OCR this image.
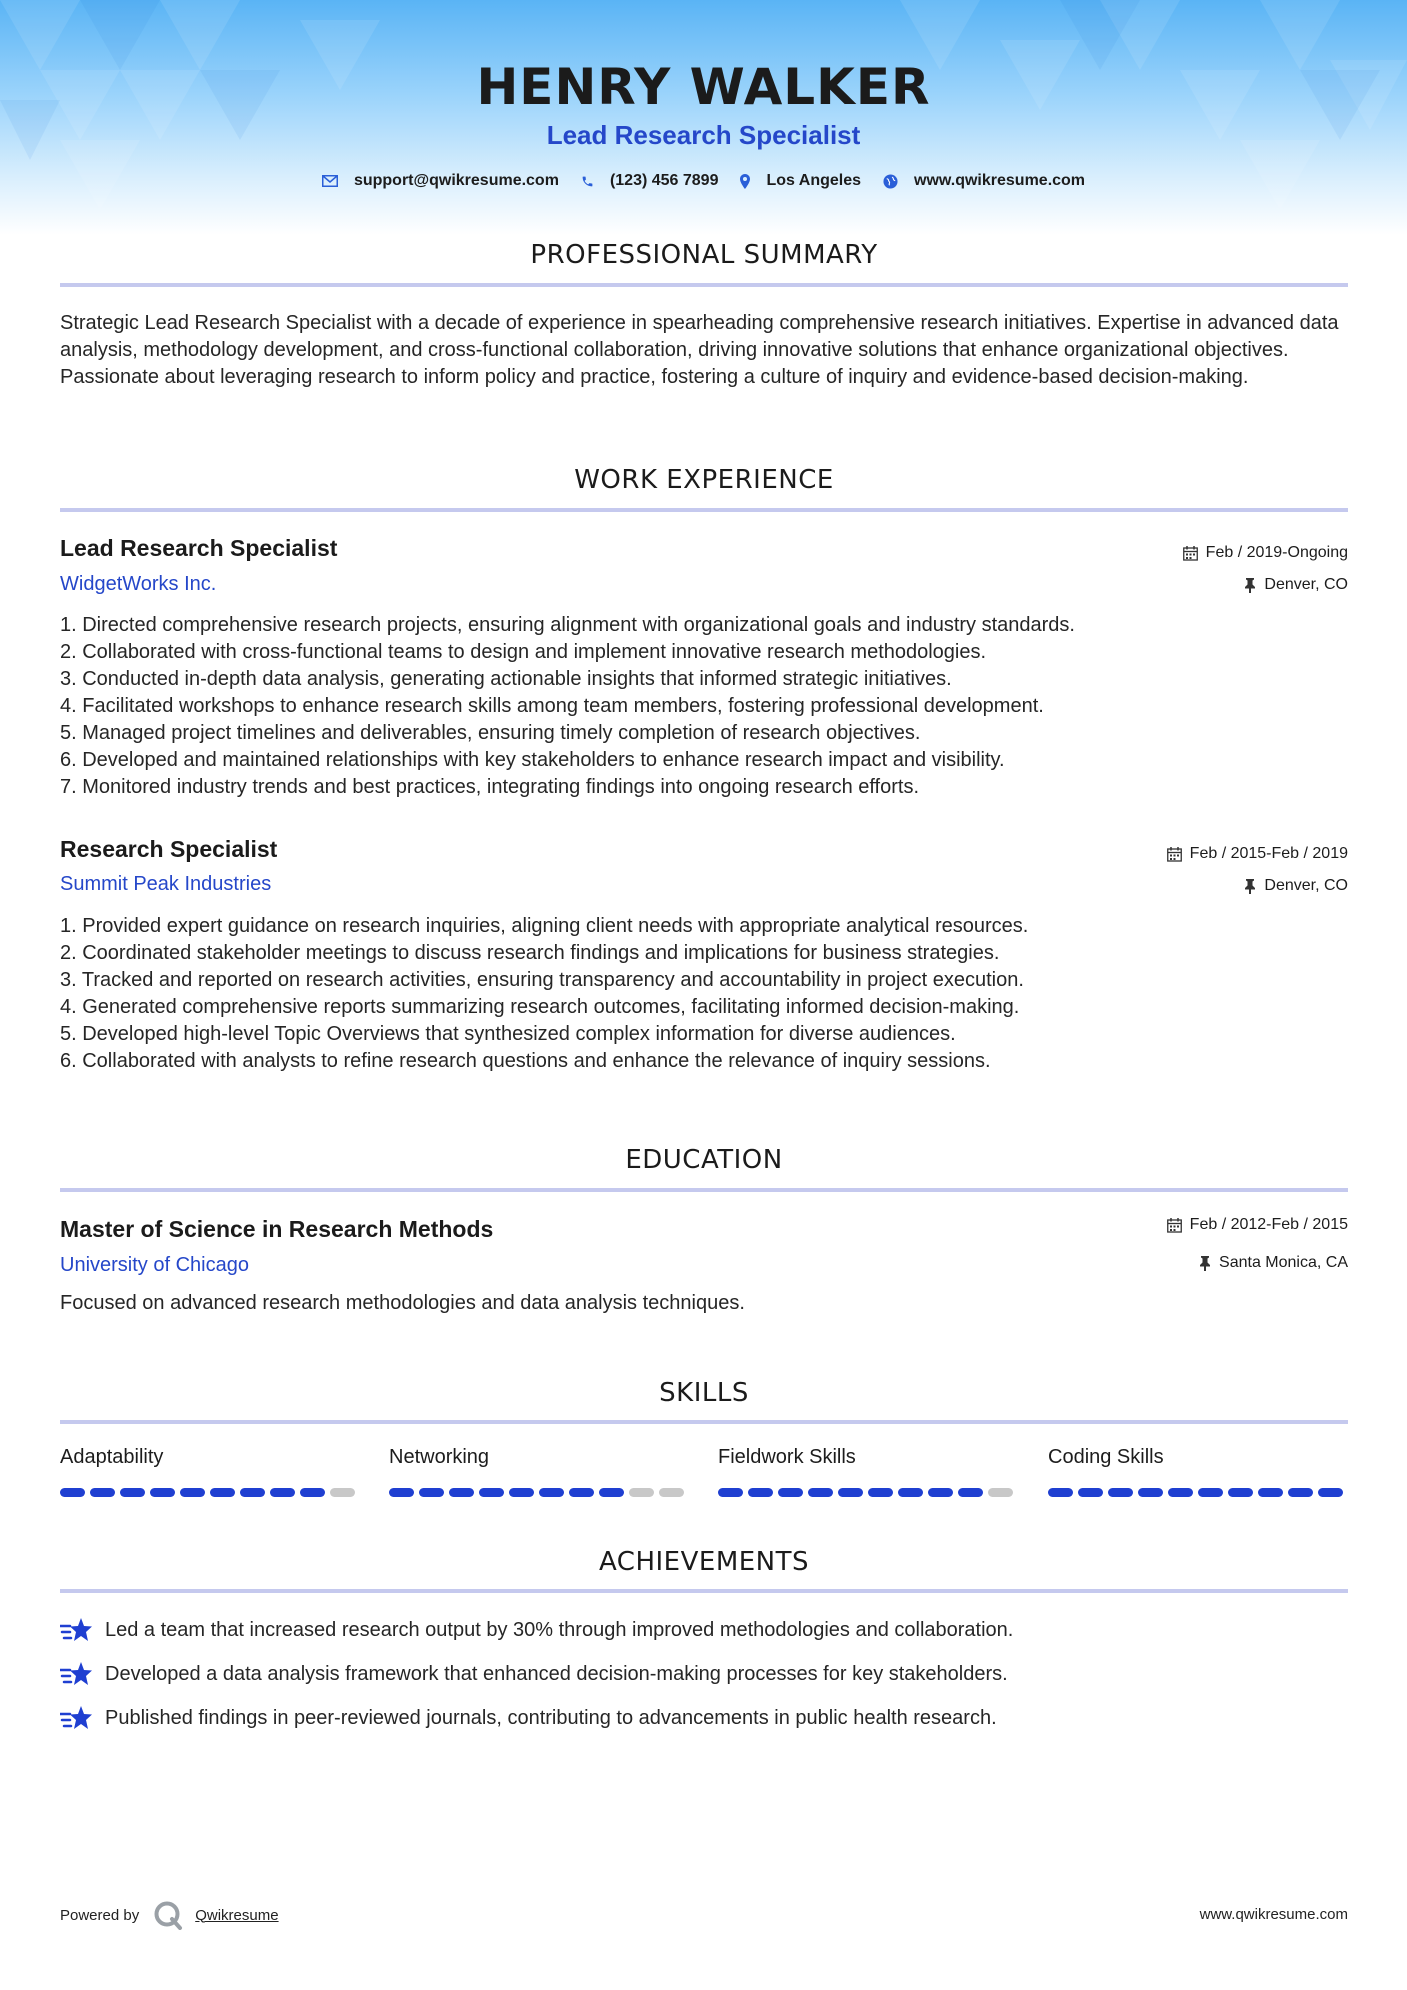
HENRY WALKER
Lead Research Specialist
support@qwikresume.com	(123) 456 7899	Los Angeles	www.qwikresume.com
PROFESSIONAL SUMMARY
Strategic Lead Research Specialist with a decade of experience in spearheading comprehensive research initiatives. Expertise in advanced data analysis, methodology development, and cross-functional collaboration, driving innovative solutions that enhance organizational objectives. Passionate about leveraging research to inform policy and practice, fostering a culture of inquiry and evidence-based decision-making.
WORK EXPERIENCE
Lead Research Specialist	Feb / 2019-Ongoing
WidgetWorks Inc.	Denver, CO
1. Directed comprehensive research projects, ensuring alignment with organizational goals and industry standards.
2. Collaborated with cross-functional teams to design and implement innovative research methodologies.
3. Conducted in-depth data analysis, generating actionable insights that informed strategic initiatives.
4. Facilitated workshops to enhance research skills among team members, fostering professional development.
5. Managed project timelines and deliverables, ensuring timely completion of research objectives.
6. Developed and maintained relationships with key stakeholders to enhance research impact and visibility.
7. Monitored industry trends and best practices, integrating findings into ongoing research efforts.
Research Specialist	Feb / 2015-Feb / 2019
Summit Peak Industries	Denver, CO
1. Provided expert guidance on research inquiries, aligning client needs with appropriate analytical resources.
2. Coordinated stakeholder meetings to discuss research findings and implications for business strategies.
3. Tracked and reported on research activities, ensuring transparency and accountability in project execution.
4. Generated comprehensive reports summarizing research outcomes, facilitating informed decision-making.
5. Developed high-level Topic Overviews that synthesized complex information for diverse audiences.
6. Collaborated with analysts to refine research questions and enhance the relevance of inquiry sessions.
EDUCATION
Master of Science in Research Methods	Feb / 2012-Feb / 2015
University of Chicago	Santa Monica, CA
Focused on advanced research methodologies and data analysis techniques.
SKILLS
Adaptability	Networking	Fieldwork Skills	Coding Skills
ACHIEVEMENTS
Led a team that increased research output by 30% through improved methodologies and collaboration.
Developed a data analysis framework that enhanced decision-making processes for key stakeholders.
Published findings in peer-reviewed journals, contributing to advancements in public health research.
Powered by	Qwikresume	www.qwikresume.com
